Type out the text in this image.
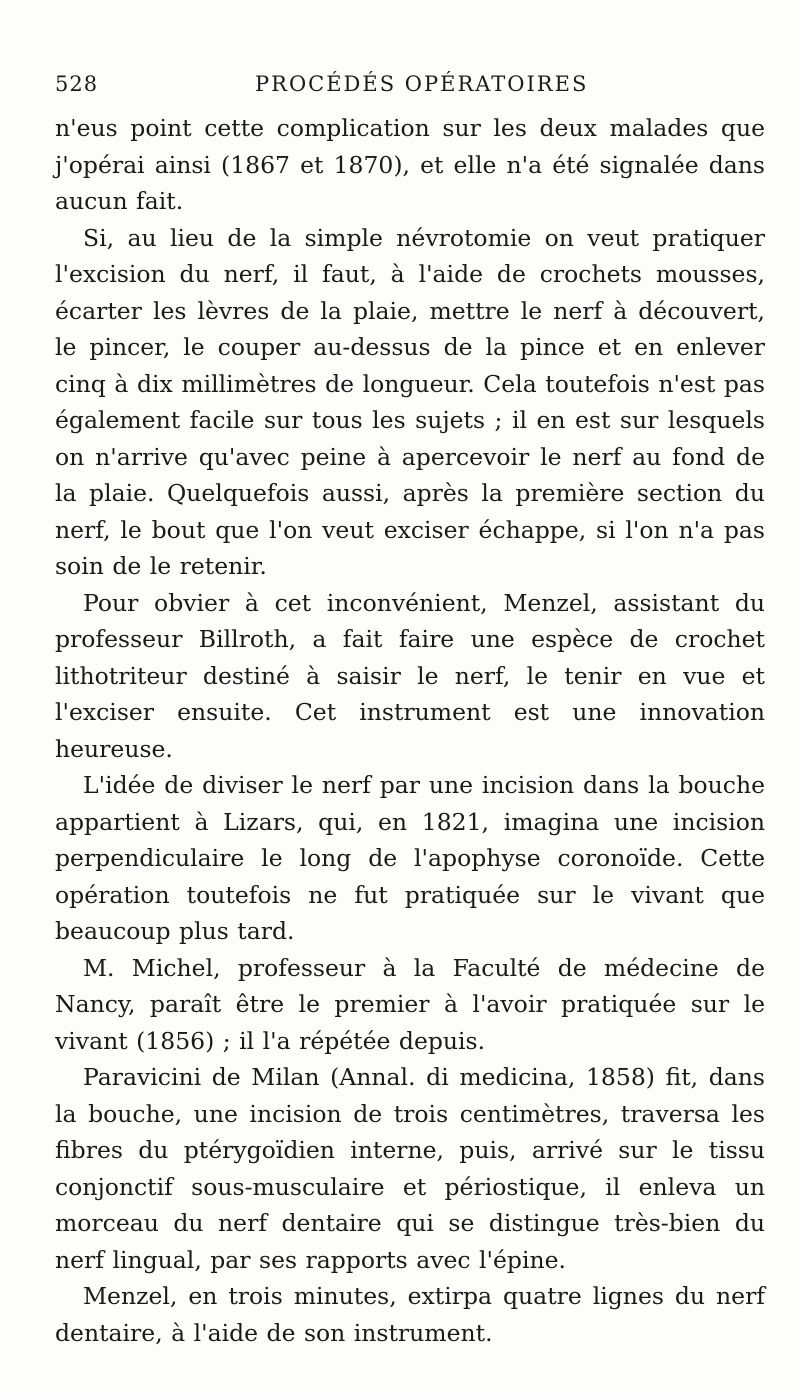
528	PROCÉDÉS OPÉRATOIRES

n'eus point cette complication sur les deux malades que j'opérai ainsi (1867 et 1870), et elle n'a été signalée dans aucun fait.

Si, au lieu de la simple névrotomie on veut pratiquer l'excision du nerf, il faut, à l'aide de crochets mousses, écarter les lèvres de la plaie, mettre le nerf à découvert, le pincer, le couper au-dessus de la pince et en enlever cinq à dix millimètres de longueur. Cela toutefois n'est pas également facile sur tous les sujets ; il en est sur lesquels on n'arrive qu'avec peine à apercevoir le nerf au fond de la plaie. Quelquefois aussi, après la première section du nerf, le bout que l'on veut exciser échappe, si l'on n'a pas soin de le retenir.

Pour obvier à cet inconvénient, Menzel, assistant du professeur Billroth, a fait faire une espèce de crochet lithotriteur destiné à saisir le nerf, le tenir en vue et l'exciser ensuite. Cet instrument est une innovation heureuse.

L'idée de diviser le nerf par une incision dans la bouche appartient à Lizars, qui, en 1821, imagina une incision perpendiculaire le long de l'apophyse coronoïde. Cette opération toutefois ne fut pratiquée sur le vivant que beaucoup plus tard.

M. Michel, professeur à la Faculté de médecine de Nancy, paraît être le premier à l'avoir pratiquée sur le vivant (1856) ; il l'a répétée depuis.

Paravicini de Milan (Annal. di medicina, 1858) fit, dans la bouche, une incision de trois centimètres, traversa les fibres du ptérygoïdien interne, puis, arrivé sur le tissu conjonctif sous-musculaire et périostique, il enleva un morceau du nerf dentaire qui se distingue très-bien du nerf lingual, par ses rapports avec l'épine.

Menzel, en trois minutes, extirpa quatre lignes du nerf dentaire, à l'aide de son instrument.
